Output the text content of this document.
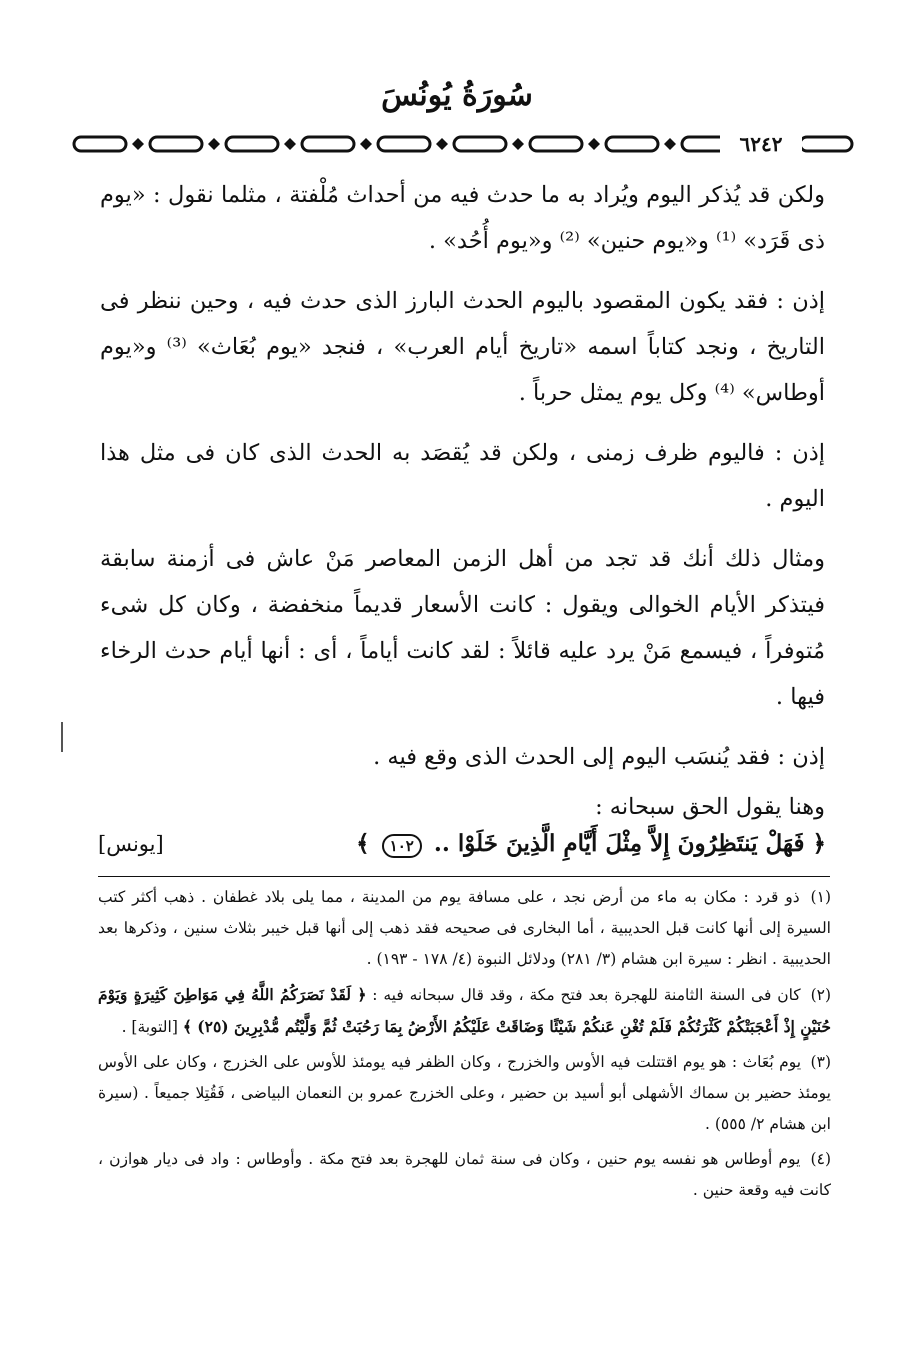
سُورَةُ يُونُسَ
٦٢٤٢

ولكن قد يُذكر اليوم ويُراد به ما حدث فيه من أحداث مُلْفتة ، مثلما نقول : «يوم ذى قَرَد» ⁽¹⁾ و«يوم حنين» ⁽²⁾ و«يوم أُحُد» .

إذن : فقد يكون المقصود باليوم الحدث البارز الذى حدث فيه ، وحين ننظر فى التاريخ ، ونجد كتاباً اسمه «تاريخ أيام العرب» ، فنجد «يوم بُعَاث» ⁽³⁾ و«يوم أوطاس» ⁽⁴⁾ وكل يوم يمثل حرباً .

إذن : فاليوم ظرف زمنى ، ولكن قد يُقصَد به الحدث الذى كان فى مثل هذا اليوم .

ومثال ذلك أنك قد تجد من أهل الزمن المعاصر مَنْ عاش فى أزمنة سابقة فيتذكر الأيام الخوالى ويقول : كانت الأسعار قديماً منخفضة ، وكان كل شىء مُتوفراً ، فيسمع مَنْ يرد عليه قائلاً : لقد كانت أياماً ، أى : أنها أيام حدث الرخاء فيها .

إذن : فقد يُنسَب اليوم إلى الحدث الذى وقع فيه .

وهنا يقول الحق سبحانه :

﴿ فَهَلْ يَنتَظِرُونَ إِلاَّ مِثْلَ أَيَّامِ الَّذِينَ خَلَوْا .. ١٠٢ ﴾
[يونس]
(١) ذو قرد : مكان به ماء من أرض نجد ، على مسافة يوم من المدينة ، مما يلى بلاد غطفان . ذهب أكثر كتب السيرة إلى أنها كانت قبل الحديبية ، أما البخارى فى صحيحه فقد ذهب إلى أنها قبل خيبر بثلاث سنين ، وذكرها بعد الحديبية . انظر : سيرة ابن هشام (٣/ ٢٨١) ودلائل النبوة (٤/ ١٧٨ - ١٩٣) .
(٢) كان فى السنة الثامنة للهجرة بعد فتح مكة ، وقد قال سبحانه فيه : ﴿ لَقَدْ نَصَرَكُمُ اللَّهُ فِي مَوَاطِنَ كَثِيرَةٍ وَيَوْمَ حُنَيْنٍ إِذْ أَعْجَبَتْكُمْ كَثْرَتُكُمْ فَلَمْ تُغْنِ عَنكُمْ شَيْئًا وَضَاقَتْ عَلَيْكُمُ الأَرْضُ بِمَا رَحُبَتْ ثُمَّ وَلَّيْتُم مُّدْبِرِينَ (٢٥) ﴾ [التوبة] .
(٣) يوم بُعَاث : هو يوم اقتتلت فيه الأوس والخزرج ، وكان الظفر فيه يومئذ للأوس على الخزرج ، وكان على الأوس يومئذ حضير بن سماك الأشهلى أبو أسيد بن حضير ، وعلى الخزرج عمرو بن النعمان البياضى ، فَقُتِلا جميعاً . (سيرة ابن هشام ٢/ ٥٥٥) .
(٤) يوم أوطاس هو نفسه يوم حنين ، وكان فى سنة ثمان للهجرة بعد فتح مكة . وأوطاس : واد فى ديار هوازن ، كانت فيه وقعة حنين .
